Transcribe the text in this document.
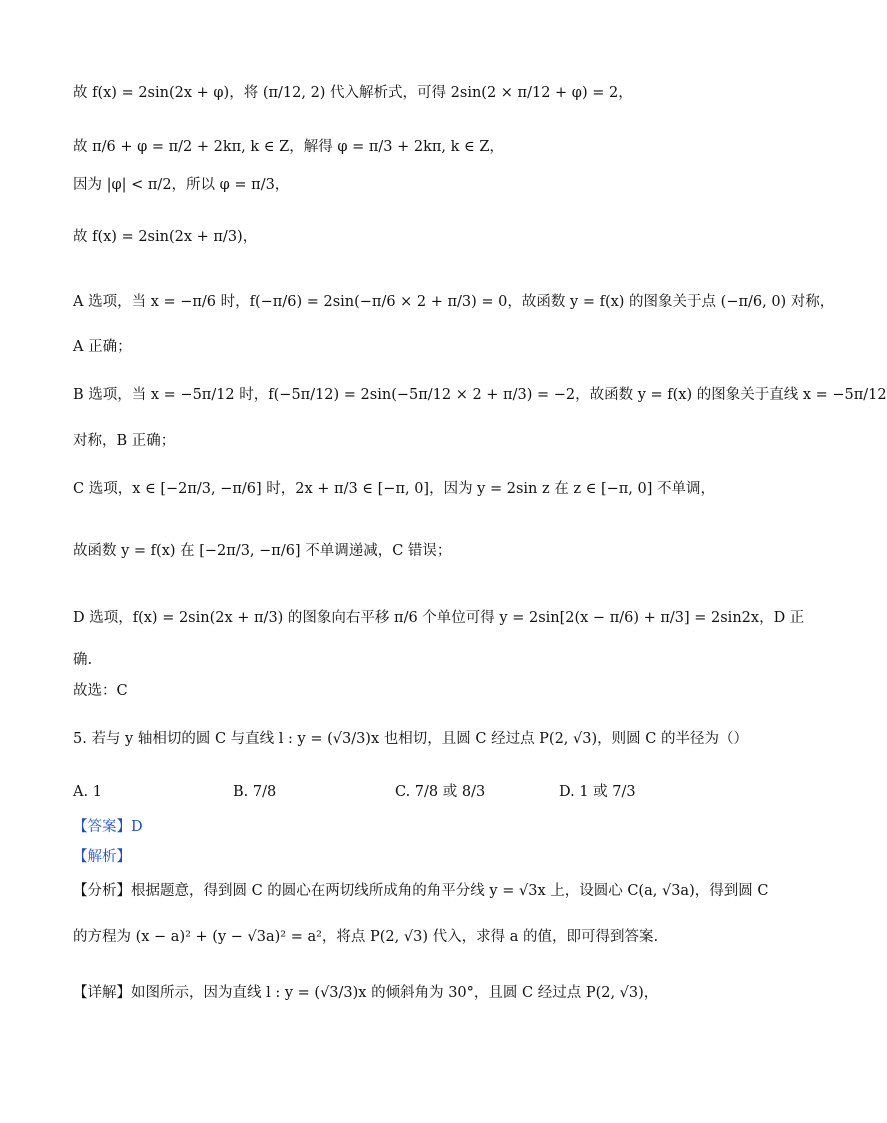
故 f(x) = 2sin(2x + φ)，将 (π/12, 2) 代入解析式，可得 2sin(2 × π/12 + φ) = 2，
故 π/6 + φ = π/2 + 2kπ, k ∈ Z，解得 φ = π/3 + 2kπ, k ∈ Z，
因为 |φ| < π/2，所以 φ = π/3，
故 f(x) = 2sin(2x + π/3)，
A 选项，当 x = −π/6 时，f(−π/6) = 2sin(−π/6 × 2 + π/3) = 0，故函数 y = f(x) 的图象关于点 (−π/6, 0) 对称，
A 正确；
B 选项，当 x = −5π/12 时，f(−5π/12) = 2sin(−5π/12 × 2 + π/3) = −2，故函数 y = f(x) 的图象关于直线 x = −5π/12
对称，B 正确；
C 选项，x ∈ [−2π/3, −π/6] 时，2x + π/3 ∈ [−π, 0]，因为 y = 2sin z 在 z ∈ [−π, 0] 不单调，
故函数 y = f(x) 在 [−2π/3, −π/6] 不单调递减，C 错误；
D 选项，f(x) = 2sin(2x + π/3) 的图象向右平移 π/6 个单位可得 y = 2sin[2(x − π/6) + π/3] = 2sin2x，D 正
确.
故选：C
5. 若与 y 轴相切的圆 C 与直线 l : y = (√3/3)x 也相切，且圆 C 经过点 P(2, √3)，则圆 C 的半径为（）
A. 1	B. 7/8	C. 7/8 或 8/3	D. 1 或 7/3
【答案】D
【解析】
【分析】根据题意，得到圆 C 的圆心在两切线所成角的角平分线 y = √3x 上，设圆心 C(a, √3a)，得到圆 C
的方程为 (x − a)² + (y − √3a)² = a²，将点 P(2, √3) 代入，求得 a 的值，即可得到答案.
【详解】如图所示，因为直线 l : y = (√3/3)x 的倾斜角为 30°，且圆 C 经过点 P(2, √3)，
